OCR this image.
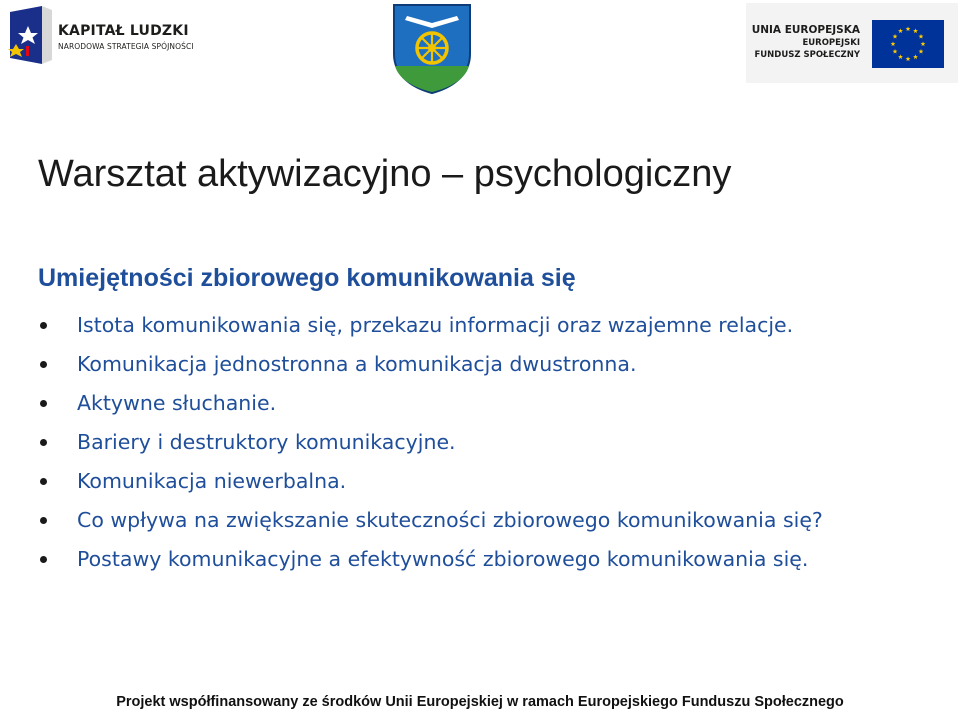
KAPITAŁ LUDZKI
NARODOWA STRATEGIA SPÓJNOŚCI
UNIA EUROPEJSKA
EUROPEJSKI
FUNDUSZ SPOŁECZNY
Warsztat aktywizacyjno – psychologiczny
Umiejętności zbiorowego komunikowania się
Istota komunikowania się, przekazu informacji oraz wzajemne relacje.
Komunikacja jednostronna a komunikacja dwustronna.
Aktywne słuchanie.
Bariery i destruktory komunikacyjne.
Komunikacja niewerbalna.
Co wpływa na zwiększanie skuteczności zbiorowego komunikowania się?
Postawy komunikacyjne a efektywność zbiorowego komunikowania się.
Projekt współfinansowany ze środków Unii Europejskiej w ramach Europejskiego Funduszu Społecznego
